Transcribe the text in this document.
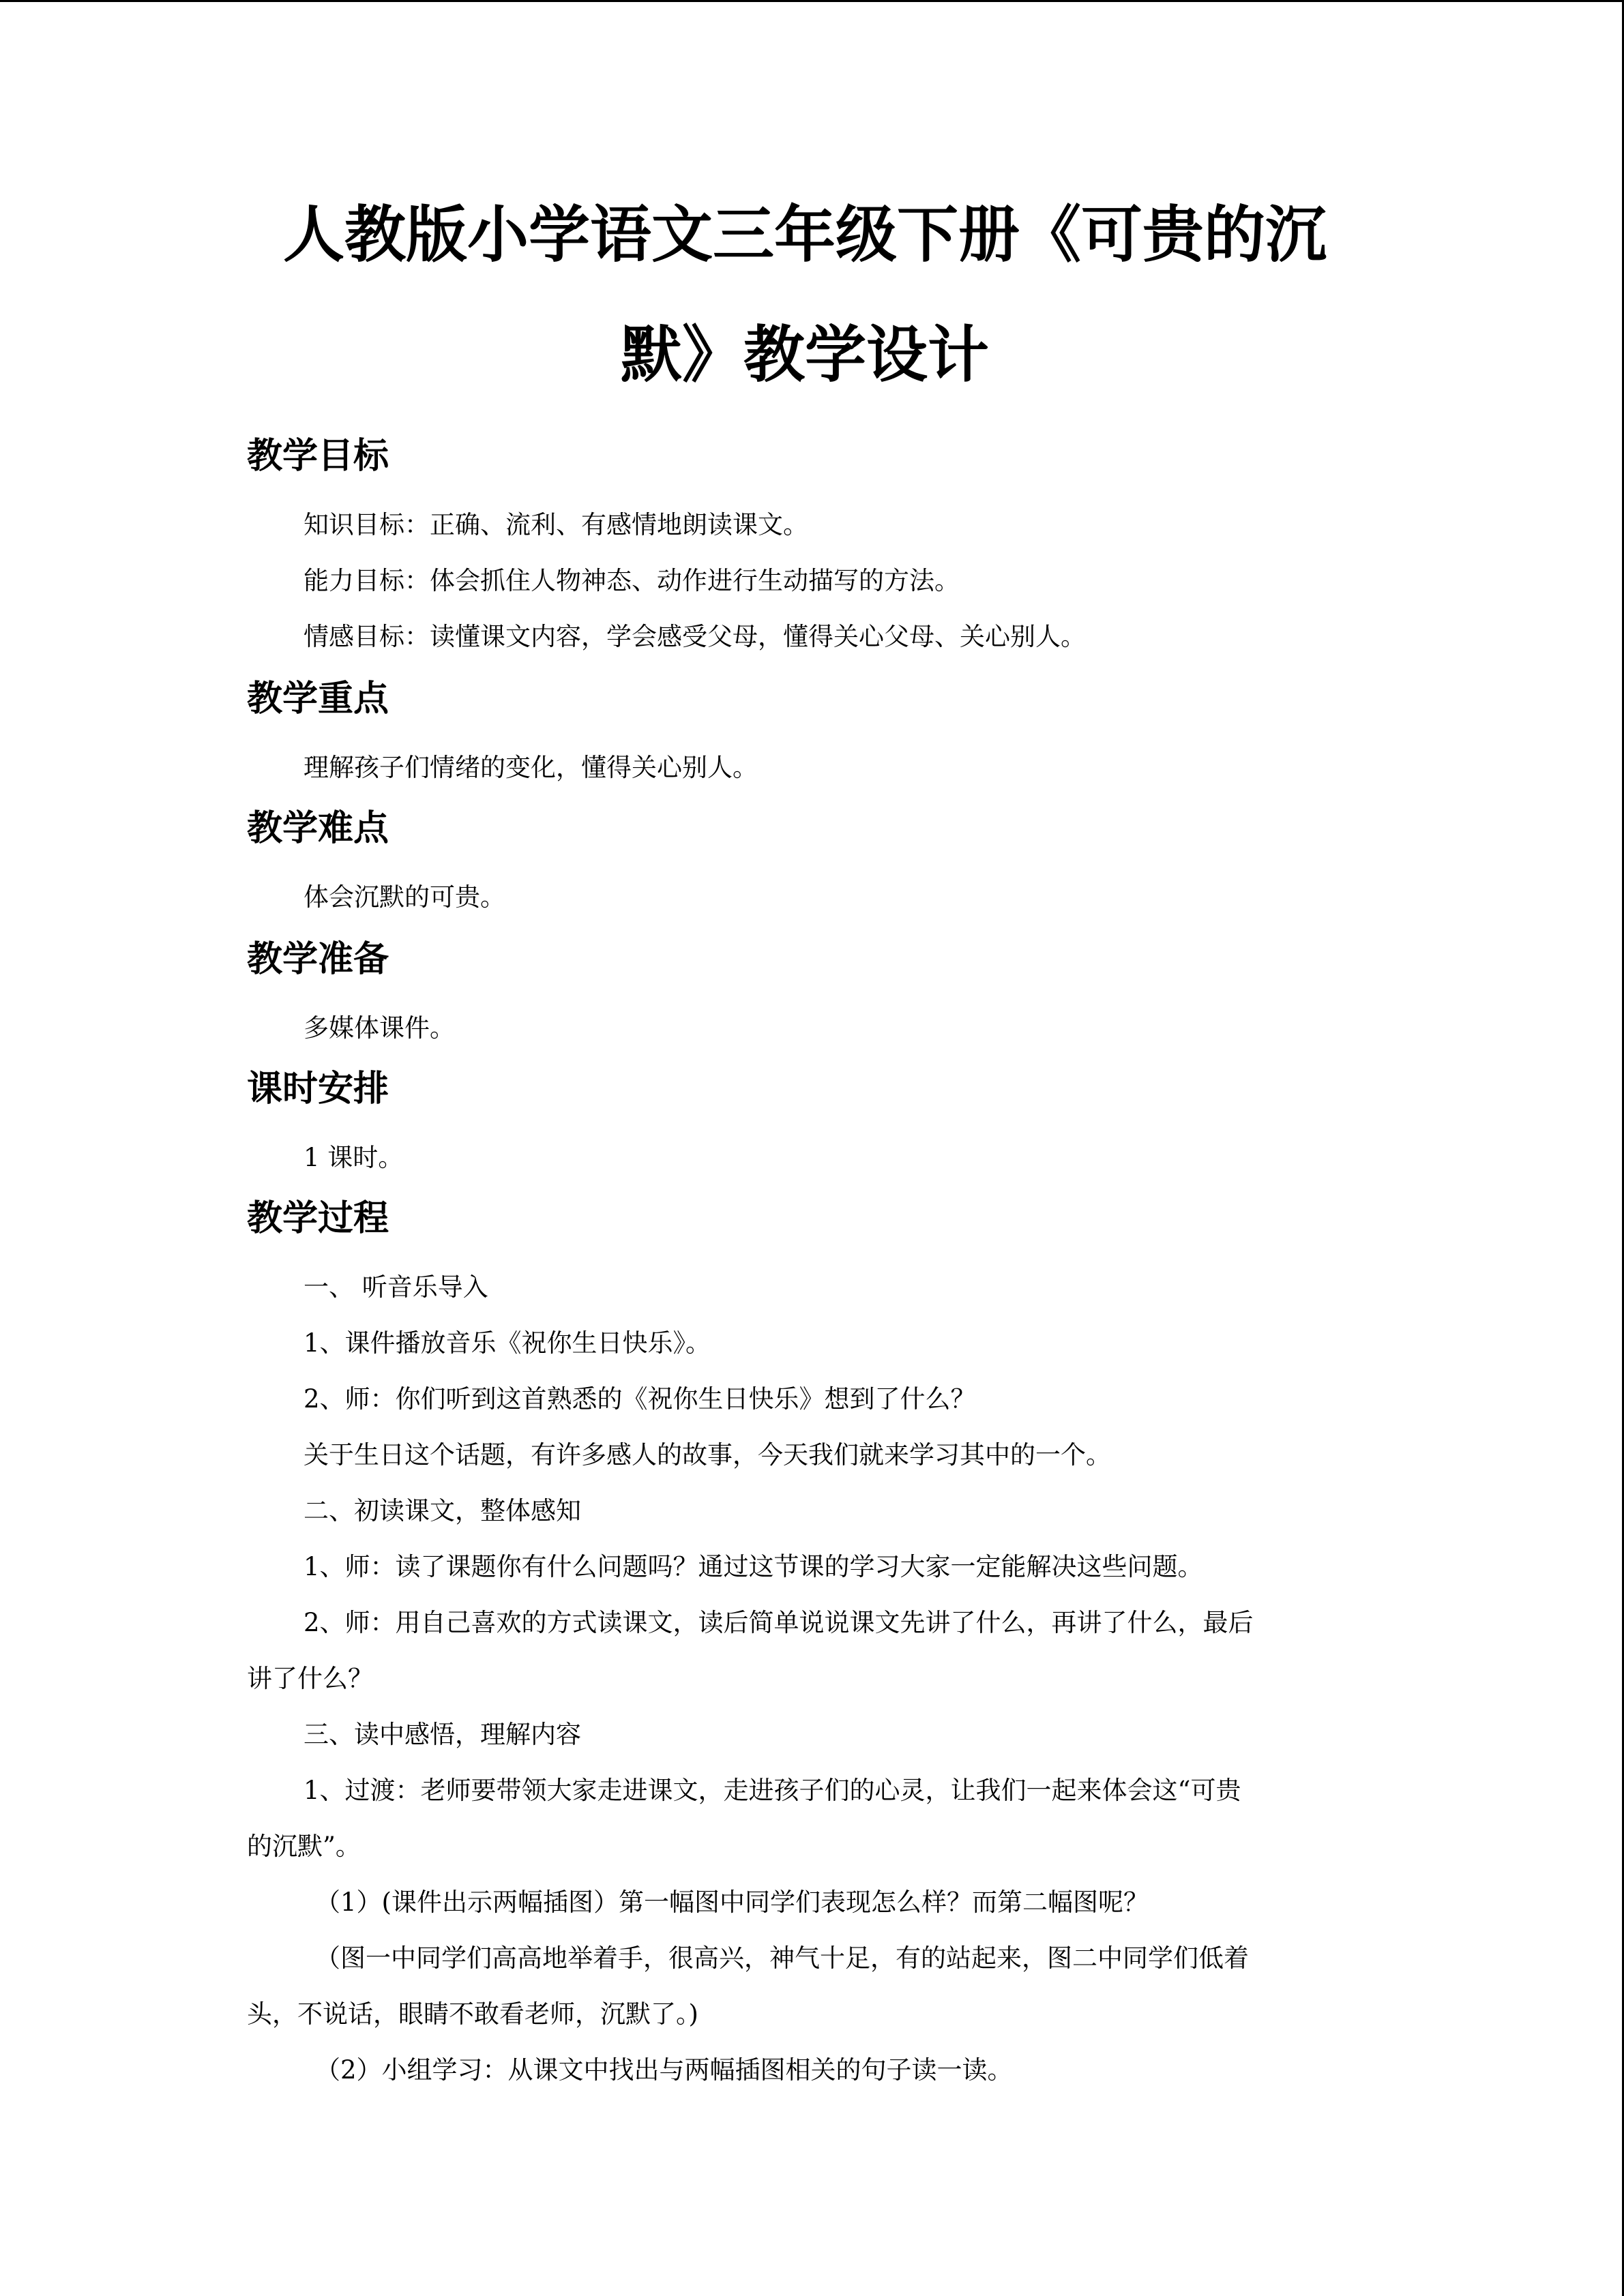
人教版小学语文三年级下册《可贵的沉
默》教学设计
教学目标

知识目标：正确、流利、有感情地朗读课文。

能力目标：体会抓住人物神态、动作进行生动描写的方法。

情感目标：读懂课文内容，学会感受父母，懂得关心父母、关心别人。

教学重点

理解孩子们情绪的变化，懂得关心别人。

教学难点

体会沉默的可贵。

教学准备

多媒体课件。

课时安排

1 课时。

教学过程

一、 听音乐导入

1、课件播放音乐《祝你生日快乐》。

2、师：你们听到这首熟悉的《祝你生日快乐》想到了什么？

关于生日这个话题，有许多感人的故事，今天我们就来学习其中的一个。

二、初读课文，整体感知

1、师：读了课题你有什么问题吗？通过这节课的学习大家一定能解决这些问题。

2、师：用自己喜欢的方式读课文，读后简单说说课文先讲了什么，再讲了什么，最后

讲了什么？

三、读中感悟，理解内容

1、过渡：老师要带领大家走进课文，走进孩子们的心灵，让我们一起来体会这“可贵

的沉默”。

（1）(课件出示两幅插图）第一幅图中同学们表现怎么样？而第二幅图呢？

（图一中同学们高高地举着手，很高兴，神气十足，有的站起来，图二中同学们低着

头，不说话，眼睛不敢看老师，沉默了。)

（2）小组学习：从课文中找出与两幅插图相关的句子读一读。
